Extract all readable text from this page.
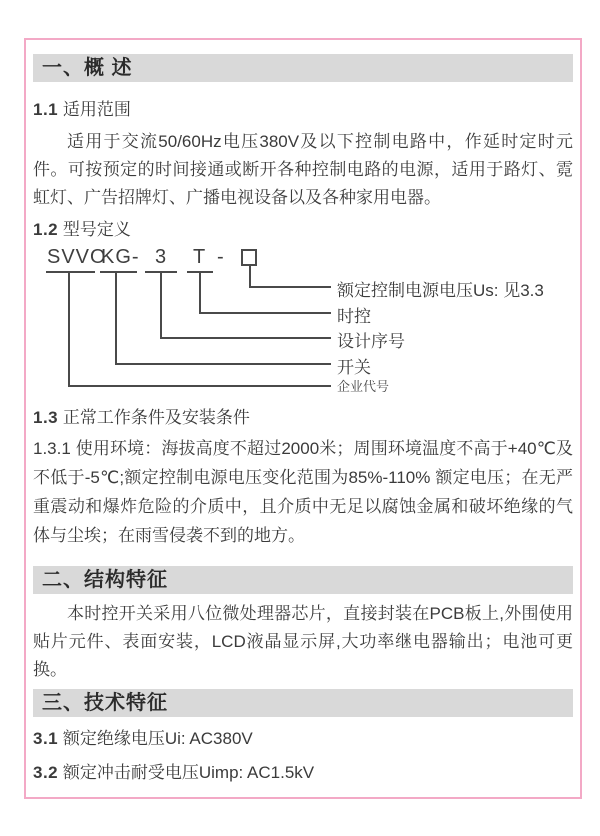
一、概 述

1.1 适用范围

适用于交流50/60Hz电压380V及以下控制电路中，作延时定时元件。可按预定的时间接通或断开各种控制电路的电源，适用于路灯、霓虹灯、广告招牌灯、广播电视设备以及各种家用电器。

1.2 型号定义

SVVO
KG- 3 T -
额定控制电源电压Us: 见3.3
时控
设计序号
开关
企业代号

1.3 正常工作条件及安装条件

1.3.1 使用环境：海拔高度不超过2000米；周围环境温度不高于+40℃及不低于-5℃;额定控制电源电压变化范围为85%-110% 额定电压；在无严重震动和爆炸危险的介质中，且介质中无足以腐蚀金属和破坏绝缘的气体与尘埃；在雨雪侵袭不到的地方。

二、结构特征

本时控开关采用八位微处理器芯片，直接封装在PCB板上,外围使用贴片元件、表面安装，LCD液晶显示屏,大功率继电器输出；电池可更换。

三、技术特征

3.1 额定绝缘电压Ui: AC380V

3.2 额定冲击耐受电压Uimp: AC1.5kV
